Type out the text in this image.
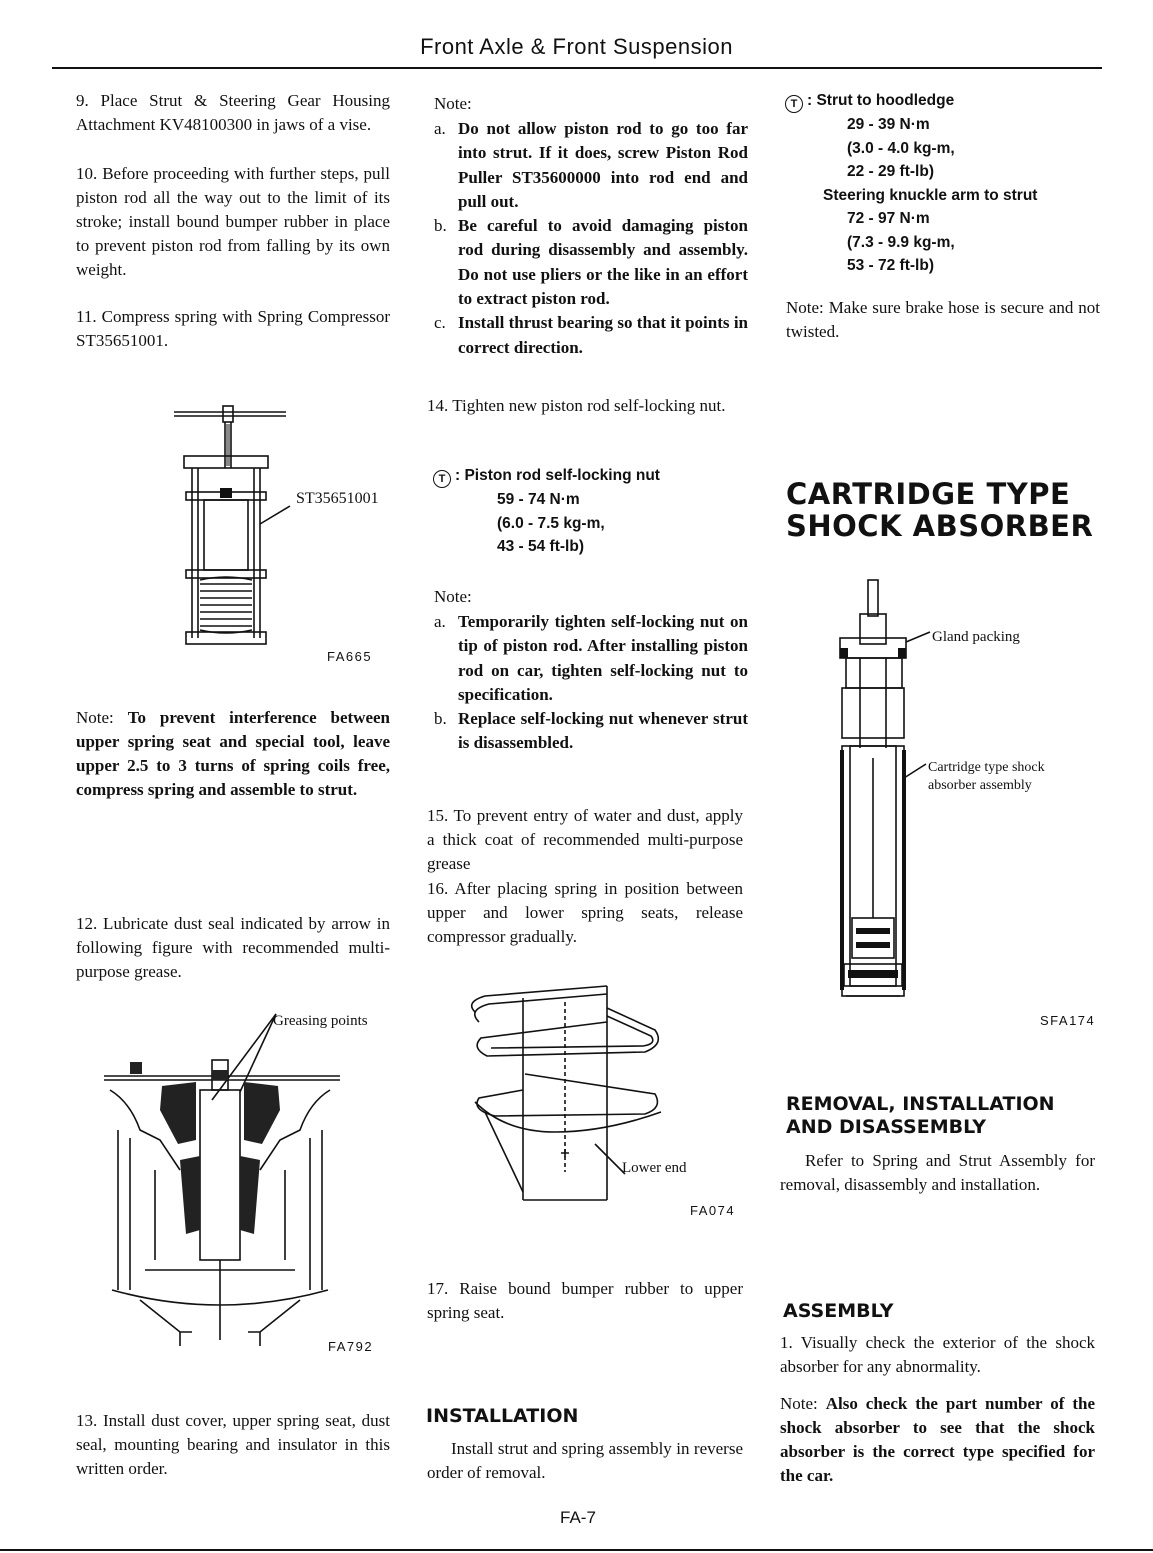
Front Axle & Front Suspension
9. Place Strut & Steering Gear Housing Attachment KV48100300 in jaws of a vise.
10. Before proceeding with further steps, pull piston rod all the way out to the limit of its stroke; install bound bumper rubber in place to prevent piston rod from falling by its own weight.
11. Compress spring with Spring Compressor ST35651001.
ST35651001
FA665
Note: To prevent interference between upper spring seat and special tool, leave upper 2.5 to 3 turns of spring coils free, compress spring and assemble to strut.
12. Lubricate dust seal indicated by arrow in following figure with recommended multi-purpose grease.
Greasing points
FA792
13. Install dust cover, upper spring seat, dust seal, mounting bearing and insulator in this written order.
Note:
a. Do not allow piston rod to go too far into strut. If it does, screw Piston Rod Puller ST35600000 into rod end and pull out.
b. Be careful to avoid damaging piston rod during disassembly and assembly. Do not use pliers or the like in an effort to extract piston rod.
c. Install thrust bearing so that it points in correct direction.
14. Tighten new piston rod self-locking nut.
T : Piston rod self-locking nut
59 - 74 N·m
(6.0 - 7.5 kg-m,
43 - 54 ft-lb)
Note:
a. Temporarily tighten self-locking nut on tip of piston rod. After installing piston rod on car, tighten self-locking nut to specification.
b. Replace self-locking nut whenever strut is disassembled.
15. To prevent entry of water and dust, apply a thick coat of recommended multi-purpose grease
16. After placing spring in position between upper and lower spring seats, release compressor gradually.
Lower end
FA074
17. Raise bound bumper rubber to upper spring seat.
INSTALLATION
Install strut and spring assembly in reverse order of removal.
T : Strut to hoodledge
29 - 39 N·m
(3.0 - 4.0 kg-m,
22 - 29 ft-lb)
Steering knuckle arm to strut
72 - 97 N·m
(7.3 - 9.9 kg-m,
53 - 72 ft-lb)
Note: Make sure brake hose is secure and not twisted.
CARTRIDGE TYPE
SHOCK ABSORBER
Gland packing
Cartridge type shock
absorber assembly
SFA174
REMOVAL, INSTALLATION
AND DISASSEMBLY
Refer to Spring and Strut Assembly for removal, disassembly and installation.
ASSEMBLY
1. Visually check the exterior of the shock absorber for any abnormality.
Note: Also check the part number of the shock absorber to see that the shock absorber is the correct type specified for the car.
FA-7
